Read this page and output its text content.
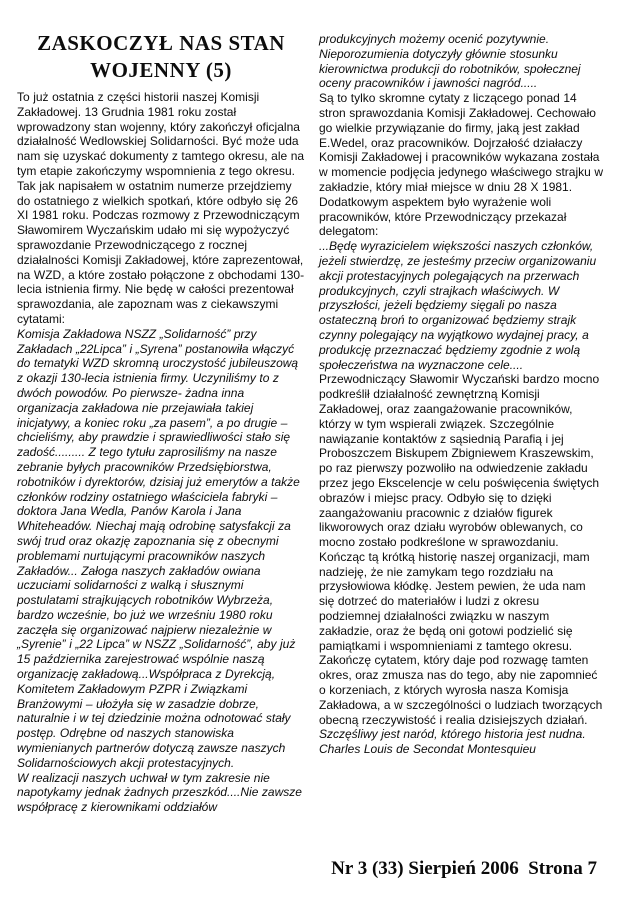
ZASKOCZYŁ NAS STAN
WOJENNY (5)

To już ostatnia z części historii naszej Komisji Zakładowej. 13 Grudnia 1981 roku został wprowadzony stan wojenny, który zakończył oficjalna działalność Wedlowskiej Solidarności. Być może uda nam się uzyskać dokumenty z tamtego okresu, ale na tym etapie zakończymy wspomnienia z tego okresu. Tak jak napisałem w ostatnim numerze przejdziemy do ostatniego z wielkich spotkań, które odbyło się 26 XI 1981 roku. Podczas rozmowy z Przewodniczącym Sławomirem Wyczańskim udało mi się wypożyczyć sprawozdanie Przewodniczącego z rocznej działalności Komisji Zakładowej, które zaprezentował, na WZD, a które zostało połączone z obchodami 130-lecia istnienia firmy. Nie będę w całości prezentował sprawozdania, ale zapoznam was z ciekawszymi cytatami:

Komisja Zakładowa NSZZ „Solidarność” przy Zakładach „22Lipca” i „Syrena” postanowiła włączyć do tematyki WZD skromną uroczystość jubileuszową z okazji 130-lecia istnienia firmy. Uczyniliśmy to z dwóch powodów. Po pierwsze- żadna inna organizacja zakładowa nie przejawiała takiej inicjatywy, a koniec roku „za pasem”, a po drugie – chcieliśmy, aby prawdzie i sprawiedliwości stało się zadość......... Z tego tytułu zaprosiliśmy na nasze zebranie byłych pracowników Przedsiębiorstwa, robotników i dyrektorów, dzisiaj już emerytów a także członków rodziny ostatniego właściciela fabryki – doktora Jana Wedla, Panów Karola i Jana Whiteheadów. Niechaj mają odrobinę satysfakcji za swój trud oraz okazję zapoznania się z obecnymi problemami nurtującymi pracowników naszych Zakładów... Załoga naszych zakładów owiana uczuciami solidarności z walką i słusznymi postulatami strajkujących robotników Wybrzeża, bardzo wcześnie, bo już we wrześniu 1980 roku zaczęła się organizować najpierw niezależnie w „Syrenie” i „22 Lipca” w NSZZ „Solidarność”, aby już 15 października zarejestrować wspólnie naszą organizację zakładową...Współpraca z Dyrekcją, Komitetem Zakładowym PZPR i Związkami Branżowymi – ułożyła się w zasadzie dobrze, naturalnie i w tej dziedzinie można odnotować stały postęp. Odrębne od naszych stanowiska wymienianych partnerów dotyczą zawsze naszych Solidarnościowych akcji protestacyjnych.

W realizacji naszych uchwał w tym zakresie nie napotykamy jednak żadnych przeszkód....Nie zawsze współpracę z kierownikami oddziałów

produkcyjnych możemy ocenić pozytywnie. Nieporozumienia dotyczyły głównie stosunku kierownictwa produkcji do robotników, społecznej oceny pracowników i jawności nagród.....

Są to tylko skromne cytaty z liczącego ponad 14 stron sprawozdania Komisji Zakładowej. Cechowało go wielkie przywiązanie do firmy, jaką jest zakład E.Wedel, oraz pracowników. Dojrzałość działaczy Komisji Zakładowej i pracowników wykazana została w momencie podjęcia jedynego właściwego strajku w zakładzie, który miał miejsce w dniu 28 X 1981. Dodatkowym aspektem było wyrażenie woli pracowników, które Przewodniczący przekazał delegatom:

...Będę wyrazicielem większości naszych członków, jeżeli stwierdzę, ze jesteśmy przeciw organizowaniu akcji protestacyjnych polegających na przerwach produkcyjnych, czyli strajkach właściwych. W przyszłości, jeżeli będziemy sięgali po nasza ostateczną broń to organizować będziemy strajk czynny polegający na wyjątkowo wydajnej pracy, a produkcję przeznaczać będziemy zgodnie z wolą społeczeństwa na wyznaczone cele....

Przewodniczący Sławomir Wyczański bardzo mocno podkreślił działalność zewnętrzną Komisji Zakładowej, oraz zaangażowanie pracowników, którzy w tym wspierali związek. Szczególnie nawiązanie kontaktów z sąsiednią Parafią i jej Proboszczem Biskupem Zbigniewem Kraszewskim, po raz pierwszy pozwoliło na odwiedzenie zakładu przez jego Ekscelencje w celu poświęcenia świętych obrazów i miejsc pracy. Odbyło się to dzięki zaangażowaniu pracownic z działów figurek likworowych oraz działu wyrobów oblewanych, co mocno zostało podkreślone w sprawozdaniu.

Kończąc tą krótką historię naszej organizacji, mam nadzieję, że nie zamykam tego rozdziału na przysłowiowa kłódkę. Jestem pewien, że uda nam się dotrzeć do materiałów i ludzi z okresu podziemnej działalności związku w naszym zakładzie, oraz że będą oni gotowi podzielić się pamiątkami i wspomnieniami z tamtego okresu. Zakończę cytatem, który daje pod rozwagę tamten okres, oraz zmusza nas do tego, aby nie zapomnieć o korzeniach, z których wyrosła nasza Komisja Zakładowa, a w szczególności o ludziach tworzących obecną rzeczywistość i realia dzisiejszych działań.

Szczęśliwy jest naród, którego historia jest nudna.

Charles Louis de Secondat Montesquieu

Nr 3 (33) Sierpień 2006  Strona 7
